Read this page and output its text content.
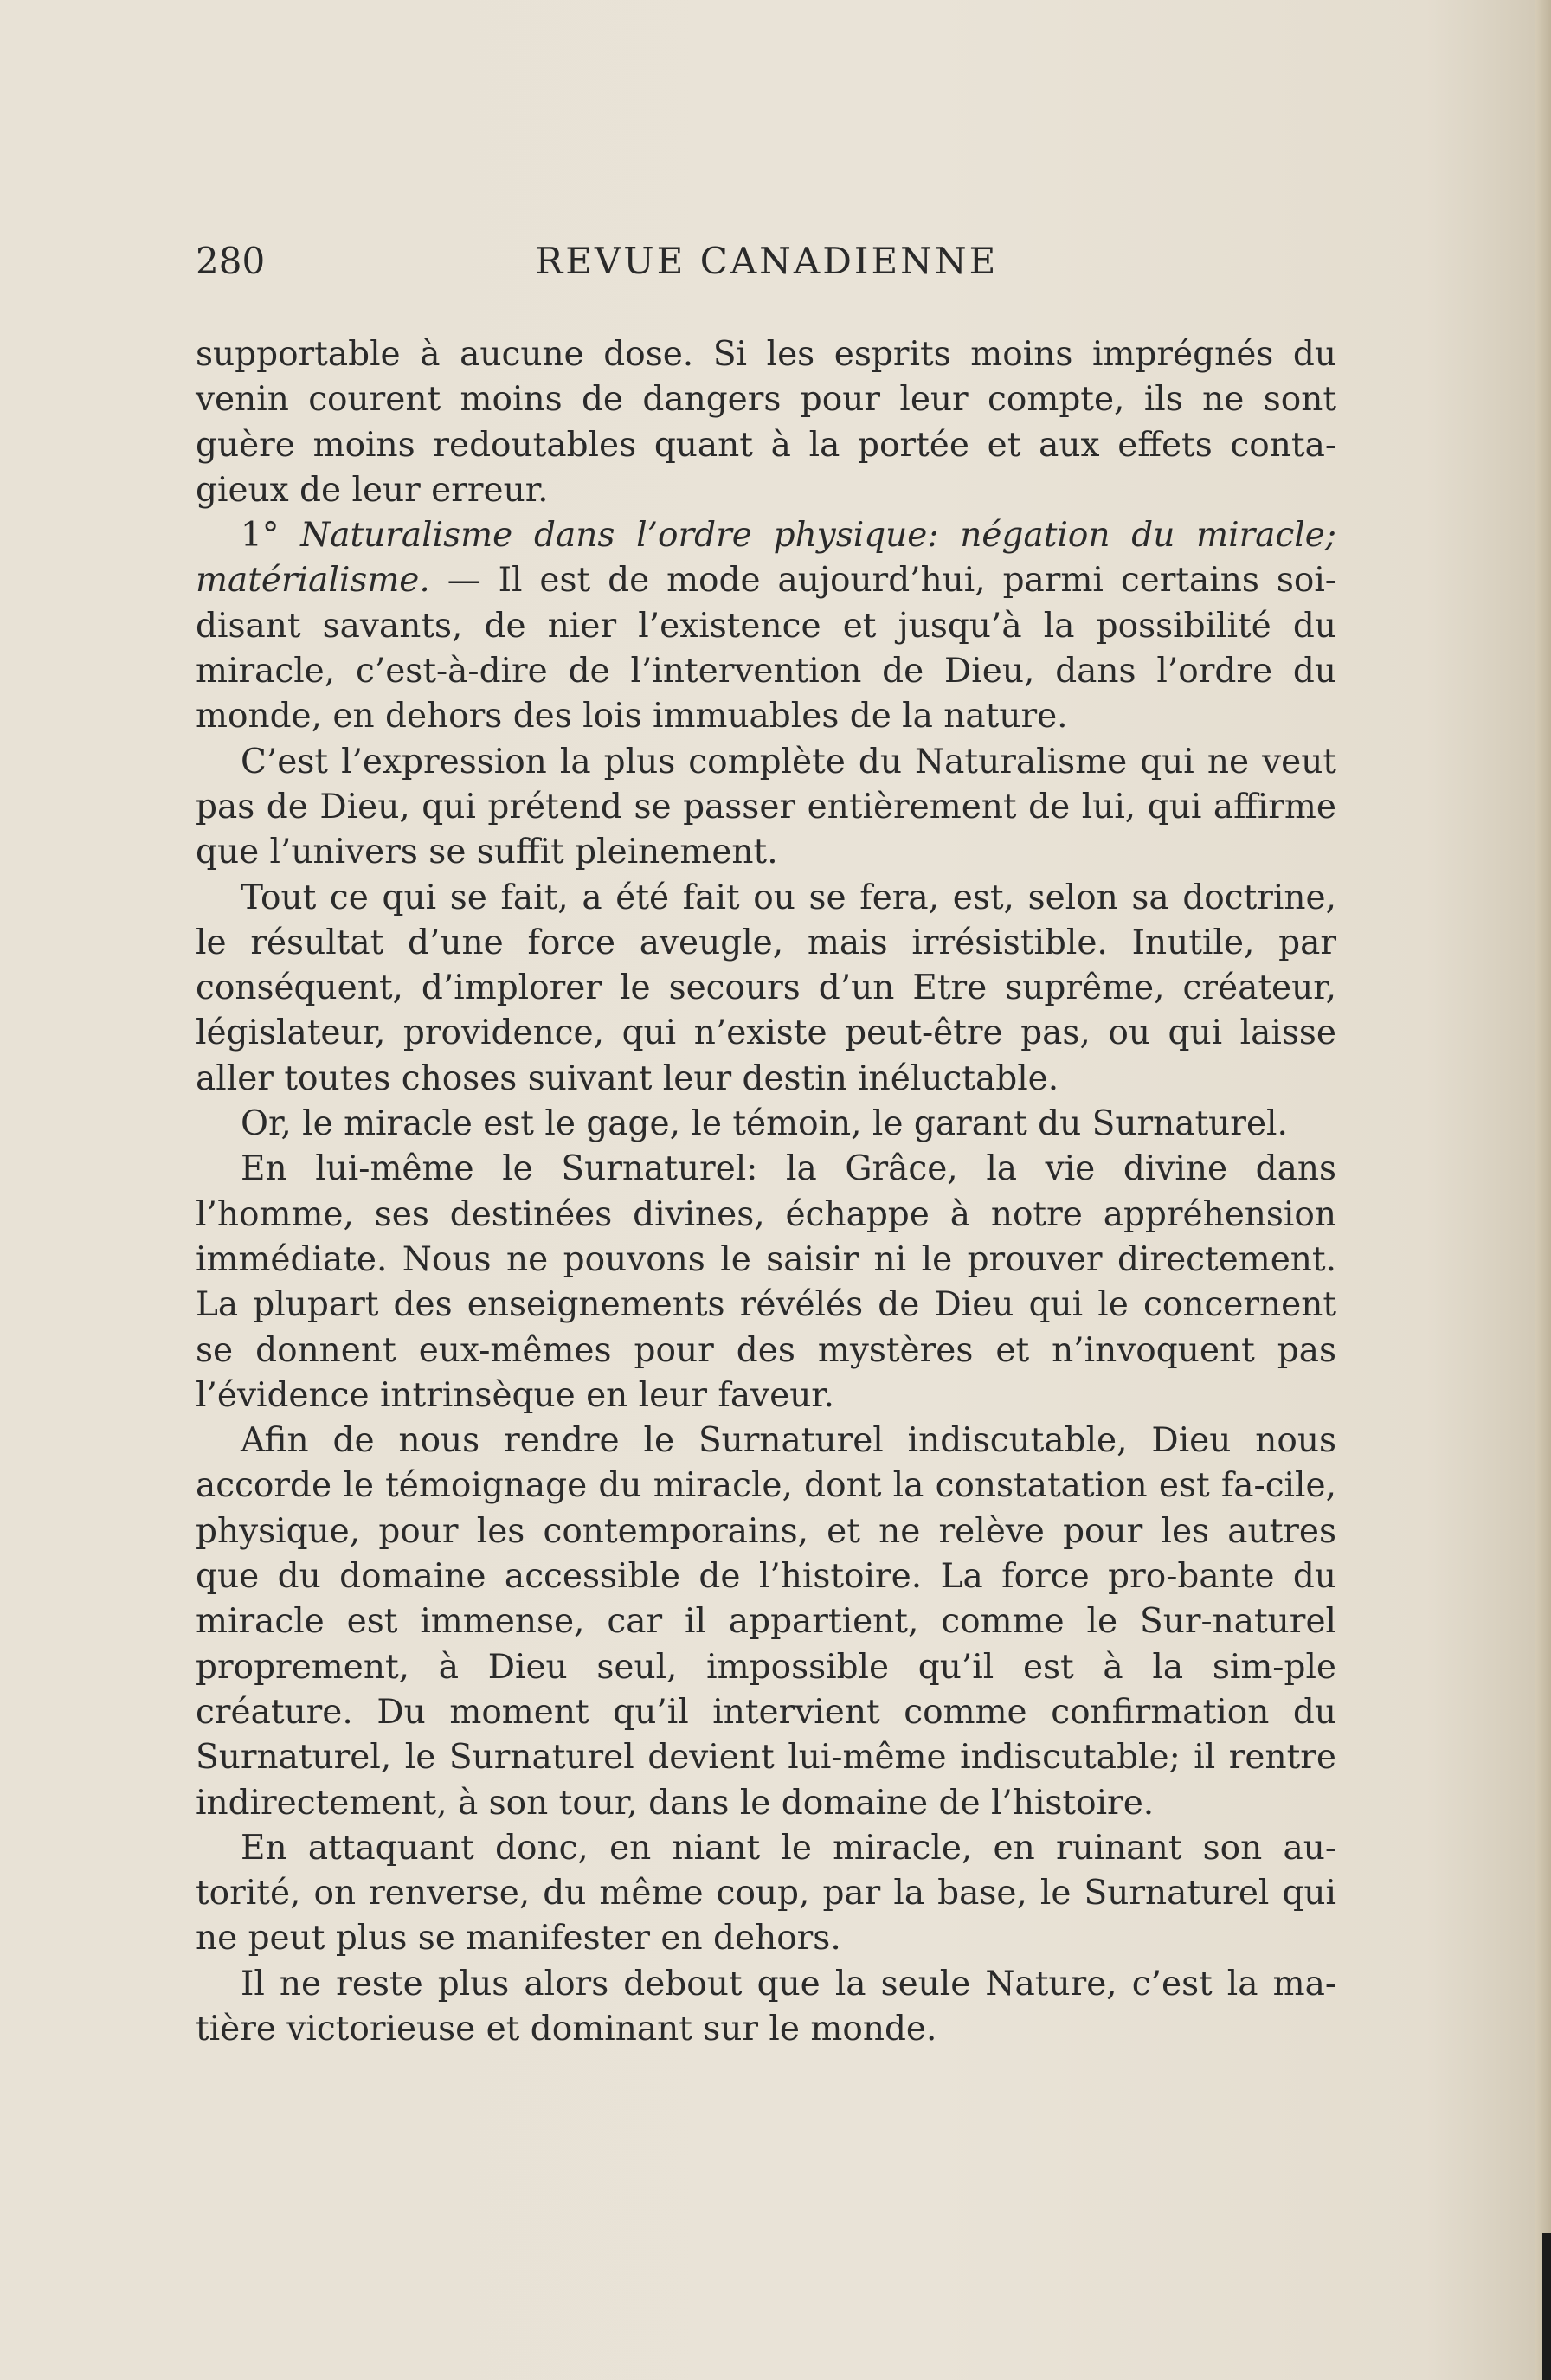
280	REVUE CANADIENNE

supportable à aucune dose. Si les esprits moins imprégnés du venin courent moins de dangers pour leur compte, ils ne sont guère moins redoutables quant à la portée et aux effets conta-gieux de leur erreur.

1° Naturalisme dans l’ordre physique: négation du miracle; matérialisme. — Il est de mode aujourd’hui, parmi certains soi-disant savants, de nier l’existence et jusqu’à la possibilité du miracle, c’est-à-dire de l’intervention de Dieu, dans l’ordre du monde, en dehors des lois immuables de la nature.

C’est l’expression la plus complète du Naturalisme qui ne veut pas de Dieu, qui prétend se passer entièrement de lui, qui affirme que l’univers se suffit pleinement.

Tout ce qui se fait, a été fait ou se fera, est, selon sa doctrine, le résultat d’une force aveugle, mais irrésistible. Inutile, par conséquent, d’implorer le secours d’un Etre suprême, créateur, législateur, providence, qui n’existe peut-être pas, ou qui laisse aller toutes choses suivant leur destin inéluctable.

Or, le miracle est le gage, le témoin, le garant du Surnaturel.

En lui-même le Surnaturel: la Grâce, la vie divine dans l’homme, ses destinées divines, échappe à notre appréhension immédiate. Nous ne pouvons le saisir ni le prouver directement. La plupart des enseignements révélés de Dieu qui le concernent se donnent eux-mêmes pour des mystères et n’invoquent pas l’évidence intrinsèque en leur faveur.

Afin de nous rendre le Surnaturel indiscutable, Dieu nous accorde le témoignage du miracle, dont la constatation est fa-cile, physique, pour les contemporains, et ne relève pour les autres que du domaine accessible de l’histoire. La force pro-bante du miracle est immense, car il appartient, comme le Sur-naturel proprement, à Dieu seul, impossible qu’il est à la sim-ple créature. Du moment qu’il intervient comme confirmation du Surnaturel, le Surnaturel devient lui-même indiscutable; il rentre indirectement, à son tour, dans le domaine de l’histoire.

En attaquant donc, en niant le miracle, en ruinant son au-torité, on renverse, du même coup, par la base, le Surnaturel qui ne peut plus se manifester en dehors.

Il ne reste plus alors debout que la seule Nature, c’est la ma-tière victorieuse et dominant sur le monde.
